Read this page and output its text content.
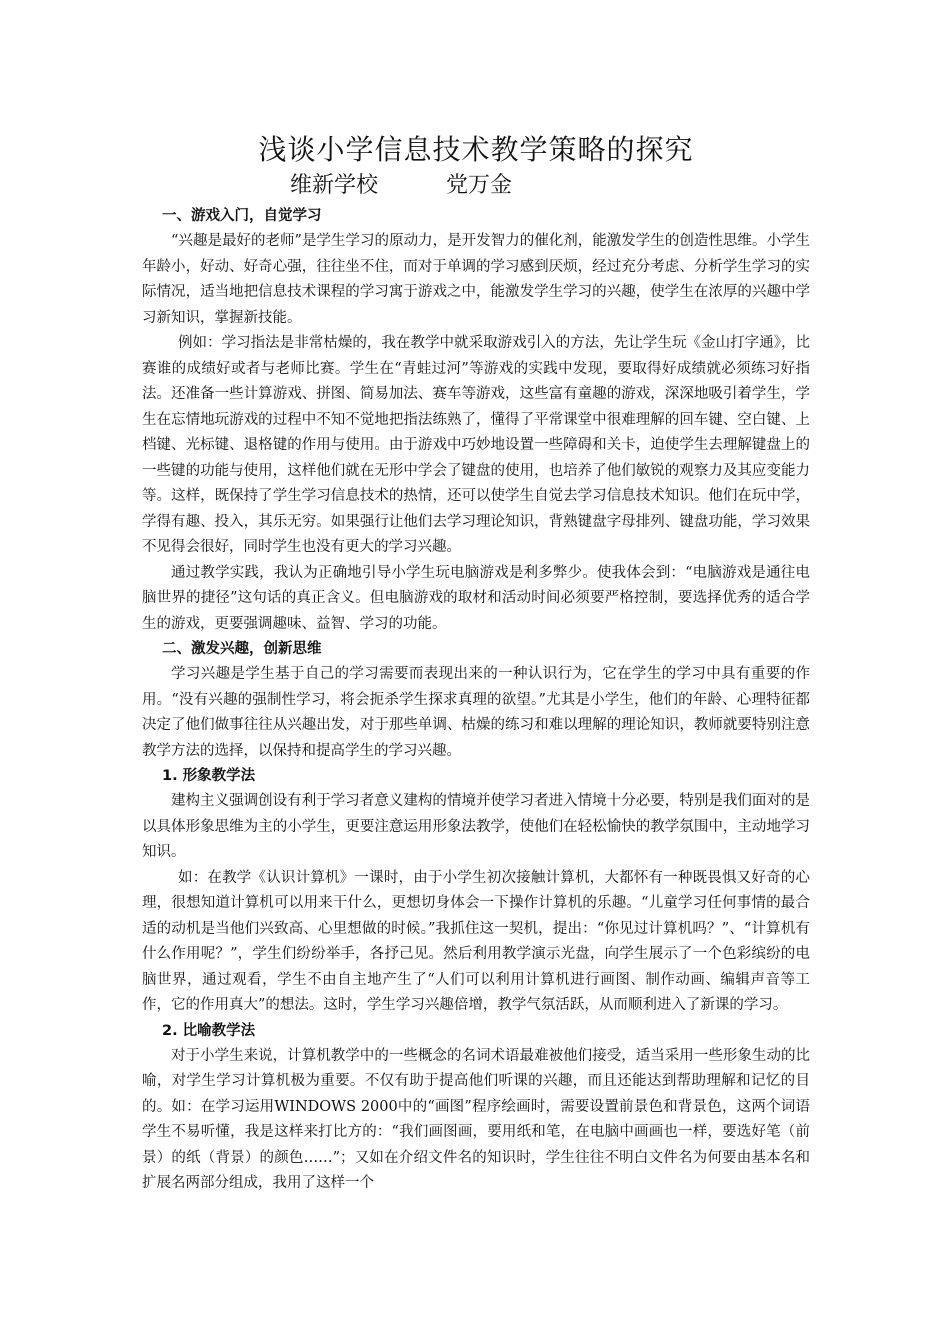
浅谈小学信息技术教学策略的探究
维新学校	党万金

一、游戏入门，自觉学习

“兴趣是最好的老师”是学生学习的原动力，是开发智力的催化剂，能激发学生的创造性思维。小学生年龄小，好动、好奇心强，往往坐不住，而对于单调的学习感到厌烦，经过充分考虑、分析学生学习的实际情况，适当地把信息技术课程的学习寓于游戏之中，能激发学生学习的兴趣，使学生在浓厚的兴趣中学习新知识，掌握新技能。

例如：学习指法是非常枯燥的，我在教学中就采取游戏引入的方法，先让学生玩《金山打字通》，比赛谁的成绩好或者与老师比赛。学生在“青蛙过河”等游戏的实践中发现，要取得好成绩就必须练习好指法。还准备一些计算游戏、拼图、简易加法、赛车等游戏，这些富有童趣的游戏，深深地吸引着学生，学生在忘情地玩游戏的过程中不知不觉地把指法练熟了，懂得了平常课堂中很难理解的回车键、空白键、上档键、光标键、退格键的作用与使用。由于游戏中巧妙地设置一些障碍和关卡，迫使学生去理解键盘上的一些键的功能与使用，这样他们就在无形中学会了键盘的使用，也培养了他们敏锐的观察力及其应变能力等。这样，既保持了学生学习信息技术的热情，还可以使学生自觉去学习信息技术知识。他们在玩中学，学得有趣、投入，其乐无穷。如果强行让他们去学习理论知识，背熟键盘字母排列、键盘功能，学习效果不见得会很好，同时学生也没有更大的学习兴趣。

通过教学实践，我认为正确地引导小学生玩电脑游戏是利多弊少。使我体会到：“电脑游戏是通往电脑世界的捷径”这句话的真正含义。但电脑游戏的取材和活动时间必须要严格控制，要选择优秀的适合学生的游戏，更要强调趣味、益智、学习的功能。

二、激发兴趣，创新思维

学习兴趣是学生基于自己的学习需要而表现出来的一种认识行为，它在学生的学习中具有重要的作用。“没有兴趣的强制性学习，将会扼杀学生探求真理的欲望。”尤其是小学生，他们的年龄、心理特征都决定了他们做事往往从兴趣出发，对于那些单调、枯燥的练习和难以理解的理论知识，教师就要特别注意教学方法的选择，以保持和提高学生的学习兴趣。

1. 形象教学法

建构主义强调创设有利于学习者意义建构的情境并使学习者进入情境十分必要，特别是我们面对的是以具体形象思维为主的小学生，更要注意运用形象法教学，使他们在轻松愉快的教学氛围中，主动地学习知识。

如：在教学《认识计算机》一课时，由于小学生初次接触计算机，大都怀有一种既畏惧又好奇的心理，很想知道计算机可以用来干什么，更想切身体会一下操作计算机的乐趣。“儿童学习任何事情的最合适的动机是当他们兴致高、心里想做的时候。”我抓住这一契机，提出：“你见过计算机吗？”、“计算机有什么作用呢？”，学生们纷纷举手，各抒己见。然后利用教学演示光盘，向学生展示了一个色彩缤纷的电脑世界，通过观看，学生不由自主地产生了“人们可以利用计算机进行画图、制作动画、编辑声音等工作，它的作用真大”的想法。这时，学生学习兴趣倍增，教学气氛活跃，从而顺利进入了新课的学习。

2. 比喻教学法

对于小学生来说，计算机教学中的一些概念的名词术语最难被他们接受，适当采用一些形象生动的比喻，对学生学习计算机极为重要。不仅有助于提高他们听课的兴趣，而且还能达到帮助理解和记忆的目的。如：在学习运用WINDOWS 2000中的“画图”程序绘画时，需要设置前景色和背景色，这两个词语学生不易听懂，我是这样来打比方的：“我们画图画，要用纸和笔，在电脑中画画也一样，要选好笔（前景）的纸（背景）的颜色……”；又如在介绍文件名的知识时，学生往往不明白文件名为何要由基本名和扩展名两部分组成，我用了这样一个
